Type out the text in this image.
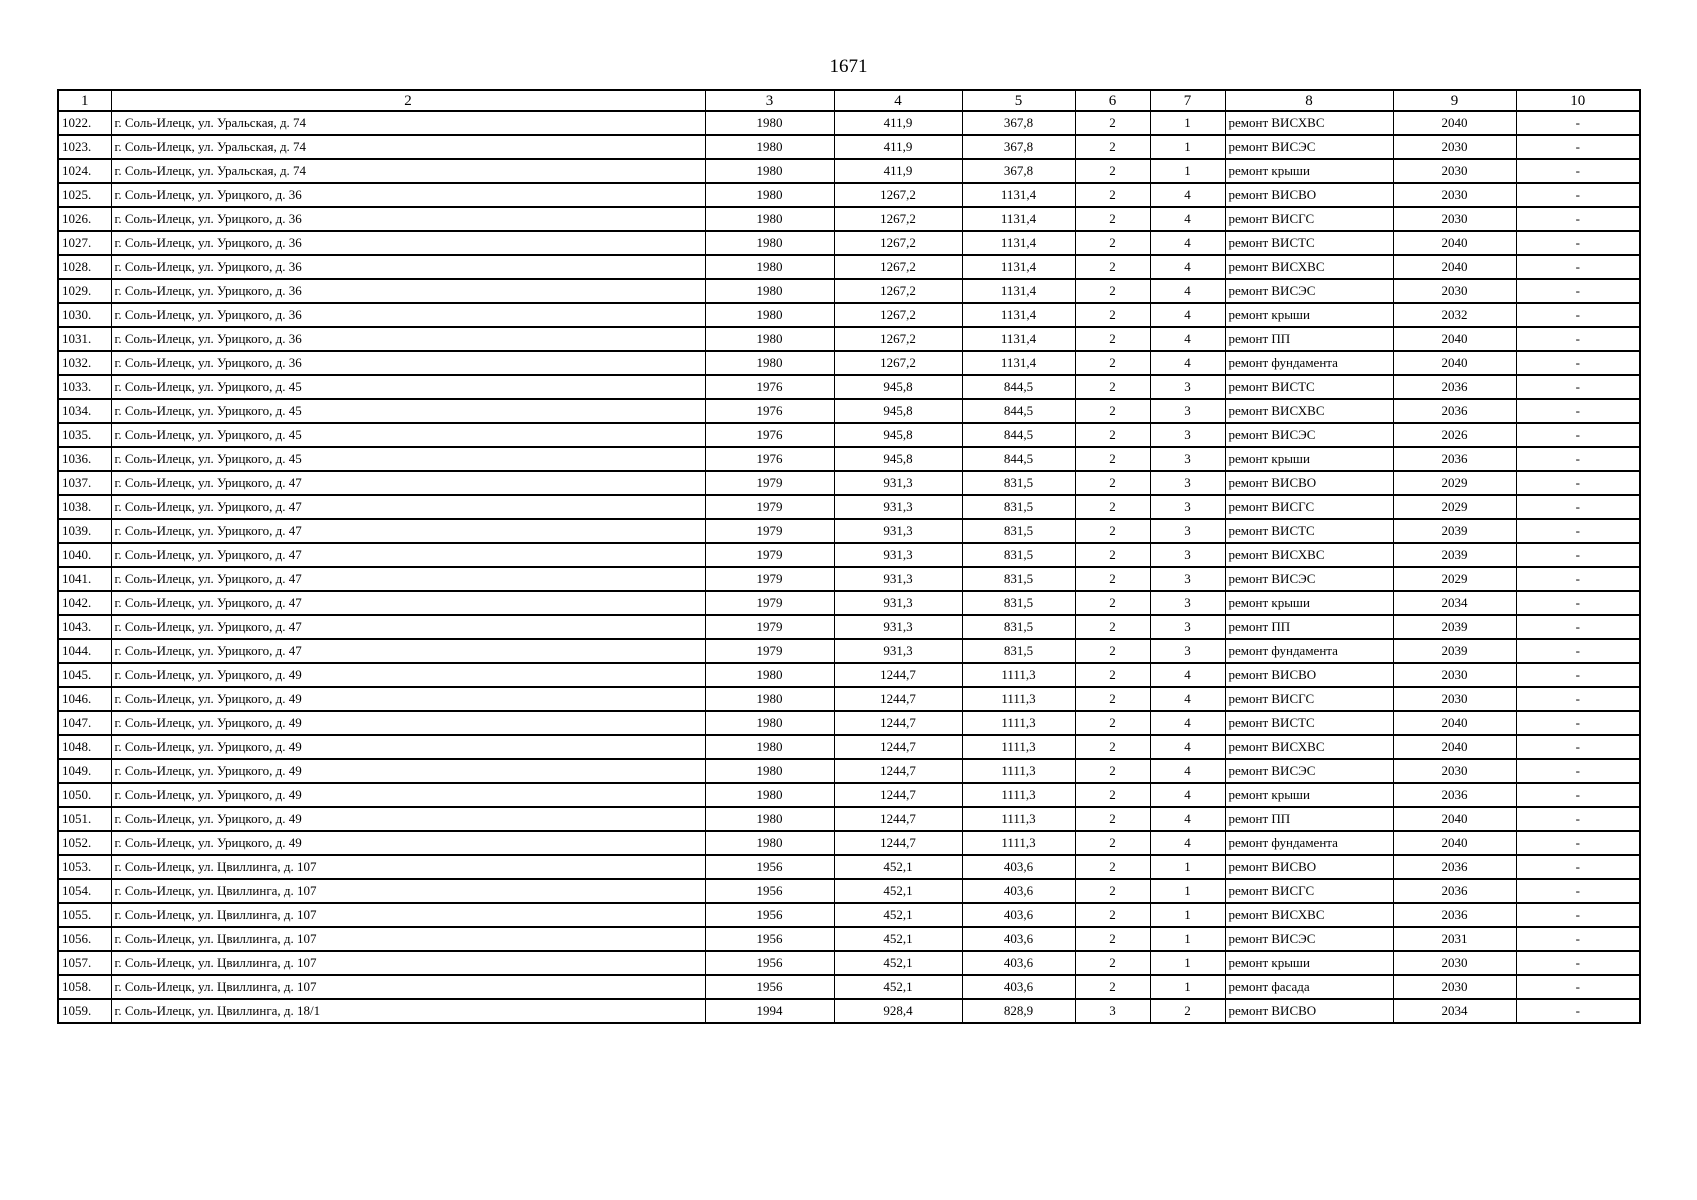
1671
1	2	3	4	5	6	7	8	9	10
1022.	г. Соль-Илецк, ул. Уральская, д. 74	1980	411,9	367,8	2	1	ремонт ВИСХВС	2040	-
1023.	г. Соль-Илецк, ул. Уральская, д. 74	1980	411,9	367,8	2	1	ремонт ВИСЭС	2030	-
1024.	г. Соль-Илецк, ул. Уральская, д. 74	1980	411,9	367,8	2	1	ремонт крыши	2030	-
1025.	г. Соль-Илецк, ул. Урицкого, д. 36	1980	1267,2	1131,4	2	4	ремонт ВИСВО	2030	-
1026.	г. Соль-Илецк, ул. Урицкого, д. 36	1980	1267,2	1131,4	2	4	ремонт ВИСГС	2030	-
1027.	г. Соль-Илецк, ул. Урицкого, д. 36	1980	1267,2	1131,4	2	4	ремонт ВИСТС	2040	-
1028.	г. Соль-Илецк, ул. Урицкого, д. 36	1980	1267,2	1131,4	2	4	ремонт ВИСХВС	2040	-
1029.	г. Соль-Илецк, ул. Урицкого, д. 36	1980	1267,2	1131,4	2	4	ремонт ВИСЭС	2030	-
1030.	г. Соль-Илецк, ул. Урицкого, д. 36	1980	1267,2	1131,4	2	4	ремонт крыши	2032	-
1031.	г. Соль-Илецк, ул. Урицкого, д. 36	1980	1267,2	1131,4	2	4	ремонт ПП	2040	-
1032.	г. Соль-Илецк, ул. Урицкого, д. 36	1980	1267,2	1131,4	2	4	ремонт фундамента	2040	-
1033.	г. Соль-Илецк, ул. Урицкого, д. 45	1976	945,8	844,5	2	3	ремонт ВИСТС	2036	-
1034.	г. Соль-Илецк, ул. Урицкого, д. 45	1976	945,8	844,5	2	3	ремонт ВИСХВС	2036	-
1035.	г. Соль-Илецк, ул. Урицкого, д. 45	1976	945,8	844,5	2	3	ремонт ВИСЭС	2026	-
1036.	г. Соль-Илецк, ул. Урицкого, д. 45	1976	945,8	844,5	2	3	ремонт крыши	2036	-
1037.	г. Соль-Илецк, ул. Урицкого, д. 47	1979	931,3	831,5	2	3	ремонт ВИСВО	2029	-
1038.	г. Соль-Илецк, ул. Урицкого, д. 47	1979	931,3	831,5	2	3	ремонт ВИСГС	2029	-
1039.	г. Соль-Илецк, ул. Урицкого, д. 47	1979	931,3	831,5	2	3	ремонт ВИСТС	2039	-
1040.	г. Соль-Илецк, ул. Урицкого, д. 47	1979	931,3	831,5	2	3	ремонт ВИСХВС	2039	-
1041.	г. Соль-Илецк, ул. Урицкого, д. 47	1979	931,3	831,5	2	3	ремонт ВИСЭС	2029	-
1042.	г. Соль-Илецк, ул. Урицкого, д. 47	1979	931,3	831,5	2	3	ремонт крыши	2034	-
1043.	г. Соль-Илецк, ул. Урицкого, д. 47	1979	931,3	831,5	2	3	ремонт ПП	2039	-
1044.	г. Соль-Илецк, ул. Урицкого, д. 47	1979	931,3	831,5	2	3	ремонт фундамента	2039	-
1045.	г. Соль-Илецк, ул. Урицкого, д. 49	1980	1244,7	1111,3	2	4	ремонт ВИСВО	2030	-
1046.	г. Соль-Илецк, ул. Урицкого, д. 49	1980	1244,7	1111,3	2	4	ремонт ВИСГС	2030	-
1047.	г. Соль-Илецк, ул. Урицкого, д. 49	1980	1244,7	1111,3	2	4	ремонт ВИСТС	2040	-
1048.	г. Соль-Илецк, ул. Урицкого, д. 49	1980	1244,7	1111,3	2	4	ремонт ВИСХВС	2040	-
1049.	г. Соль-Илецк, ул. Урицкого, д. 49	1980	1244,7	1111,3	2	4	ремонт ВИСЭС	2030	-
1050.	г. Соль-Илецк, ул. Урицкого, д. 49	1980	1244,7	1111,3	2	4	ремонт крыши	2036	-
1051.	г. Соль-Илецк, ул. Урицкого, д. 49	1980	1244,7	1111,3	2	4	ремонт ПП	2040	-
1052.	г. Соль-Илецк, ул. Урицкого, д. 49	1980	1244,7	1111,3	2	4	ремонт фундамента	2040	-
1053.	г. Соль-Илецк, ул. Цвиллинга, д. 107	1956	452,1	403,6	2	1	ремонт ВИСВО	2036	-
1054.	г. Соль-Илецк, ул. Цвиллинга, д. 107	1956	452,1	403,6	2	1	ремонт ВИСГС	2036	-
1055.	г. Соль-Илецк, ул. Цвиллинга, д. 107	1956	452,1	403,6	2	1	ремонт ВИСХВС	2036	-
1056.	г. Соль-Илецк, ул. Цвиллинга, д. 107	1956	452,1	403,6	2	1	ремонт ВИСЭС	2031	-
1057.	г. Соль-Илецк, ул. Цвиллинга, д. 107	1956	452,1	403,6	2	1	ремонт крыши	2030	-
1058.	г. Соль-Илецк, ул. Цвиллинга, д. 107	1956	452,1	403,6	2	1	ремонт фасада	2030	-
1059.	г. Соль-Илецк, ул. Цвиллинга, д. 18/1	1994	928,4	828,9	3	2	ремонт ВИСВО	2034	-
